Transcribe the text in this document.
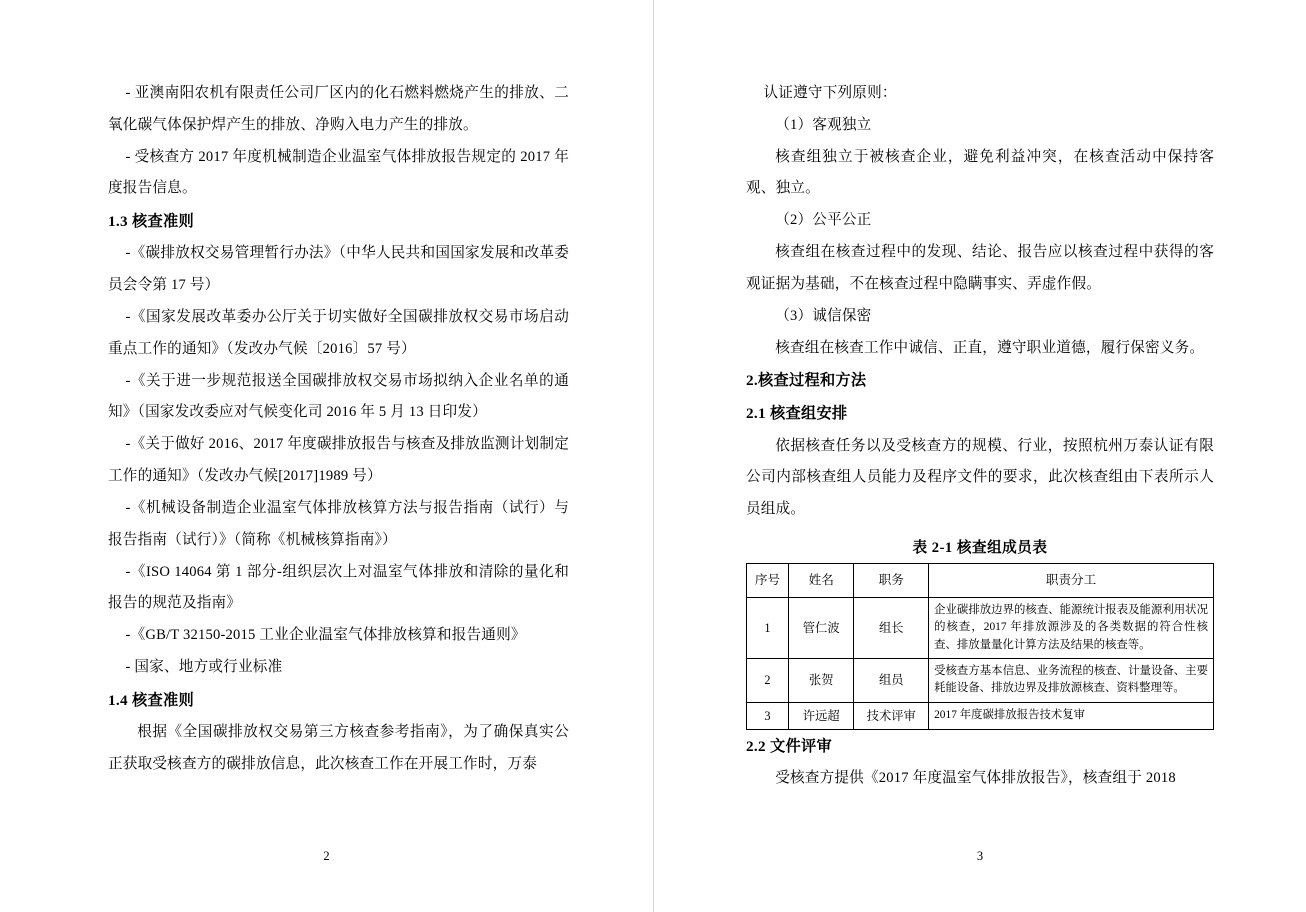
- 亚澳南阳农机有限责任公司厂区内的化石燃料燃烧产生的排放、二氧化碳气体保护焊产生的排放、净购入电力产生的排放。

- 受核查方 2017 年度机械制造企业温室气体排放报告规定的 2017 年度报告信息。

1.3 核查准则

-《碳排放权交易管理暂行办法》（中华人民共和国国家发展和改革委员会令第 17 号）

-《国家发展改革委办公厅关于切实做好全国碳排放权交易市场启动重点工作的通知》（发改办气候〔2016〕57 号）

-《关于进一步规范报送全国碳排放权交易市场拟纳入企业名单的通知》（国家发改委应对气候变化司 2016 年 5 月 13 日印发）

-《关于做好 2016、2017 年度碳排放报告与核查及排放监测计划制定工作的通知》（发改办气候[2017]1989 号）

-《机械设备制造企业温室气体排放核算方法与报告指南（试行）与报告指南（试行）》（简称《机械核算指南》）

-《ISO 14064 第 1 部分-组织层次上对温室气体排放和清除的量化和报告的规范及指南》

-《GB/T 32150-2015 工业企业温室气体排放核算和报告通则》

- 国家、地方或行业标准

1.4 核查准则

根据《全国碳排放权交易第三方核查参考指南》，为了确保真实公正获取受核查方的碳排放信息，此次核查工作在开展工作时，万泰

2

认证遵守下列原则：

（1）客观独立

核查组独立于被核查企业，避免利益冲突，在核查活动中保持客观、独立。

（2）公平公正

核查组在核查过程中的发现、结论、报告应以核查过程中获得的客观证据为基础，不在核查过程中隐瞒事实、弄虚作假。

（3）诚信保密

核查组在核查工作中诚信、正直，遵守职业道德，履行保密义务。

2.核查过程和方法

2.1 核查组安排

依据核查任务以及受核查方的规模、行业，按照杭州万泰认证有限公司内部核查组人员能力及程序文件的要求，此次核查组由下表所示人员组成。

表 2-1 核查组成员表
序号	姓名	职务	职责分工
1	管仁波	组长	企业碳排放边界的核查、能源统计报表及能源利用状况的核查，2017 年排放源涉及的各类数据的符合性核查、排放量量化计算方法及结果的核查等。
2	张贺	组员	受核查方基本信息、业务流程的核查、计量设备、主要耗能设备、排放边界及排放源核查、资料整理等。
3	许远超	技术评审	2017 年度碳排放报告技术复审

2.2 文件评审

受核查方提供《2017 年度温室气体排放报告》，核查组于 2018

3
